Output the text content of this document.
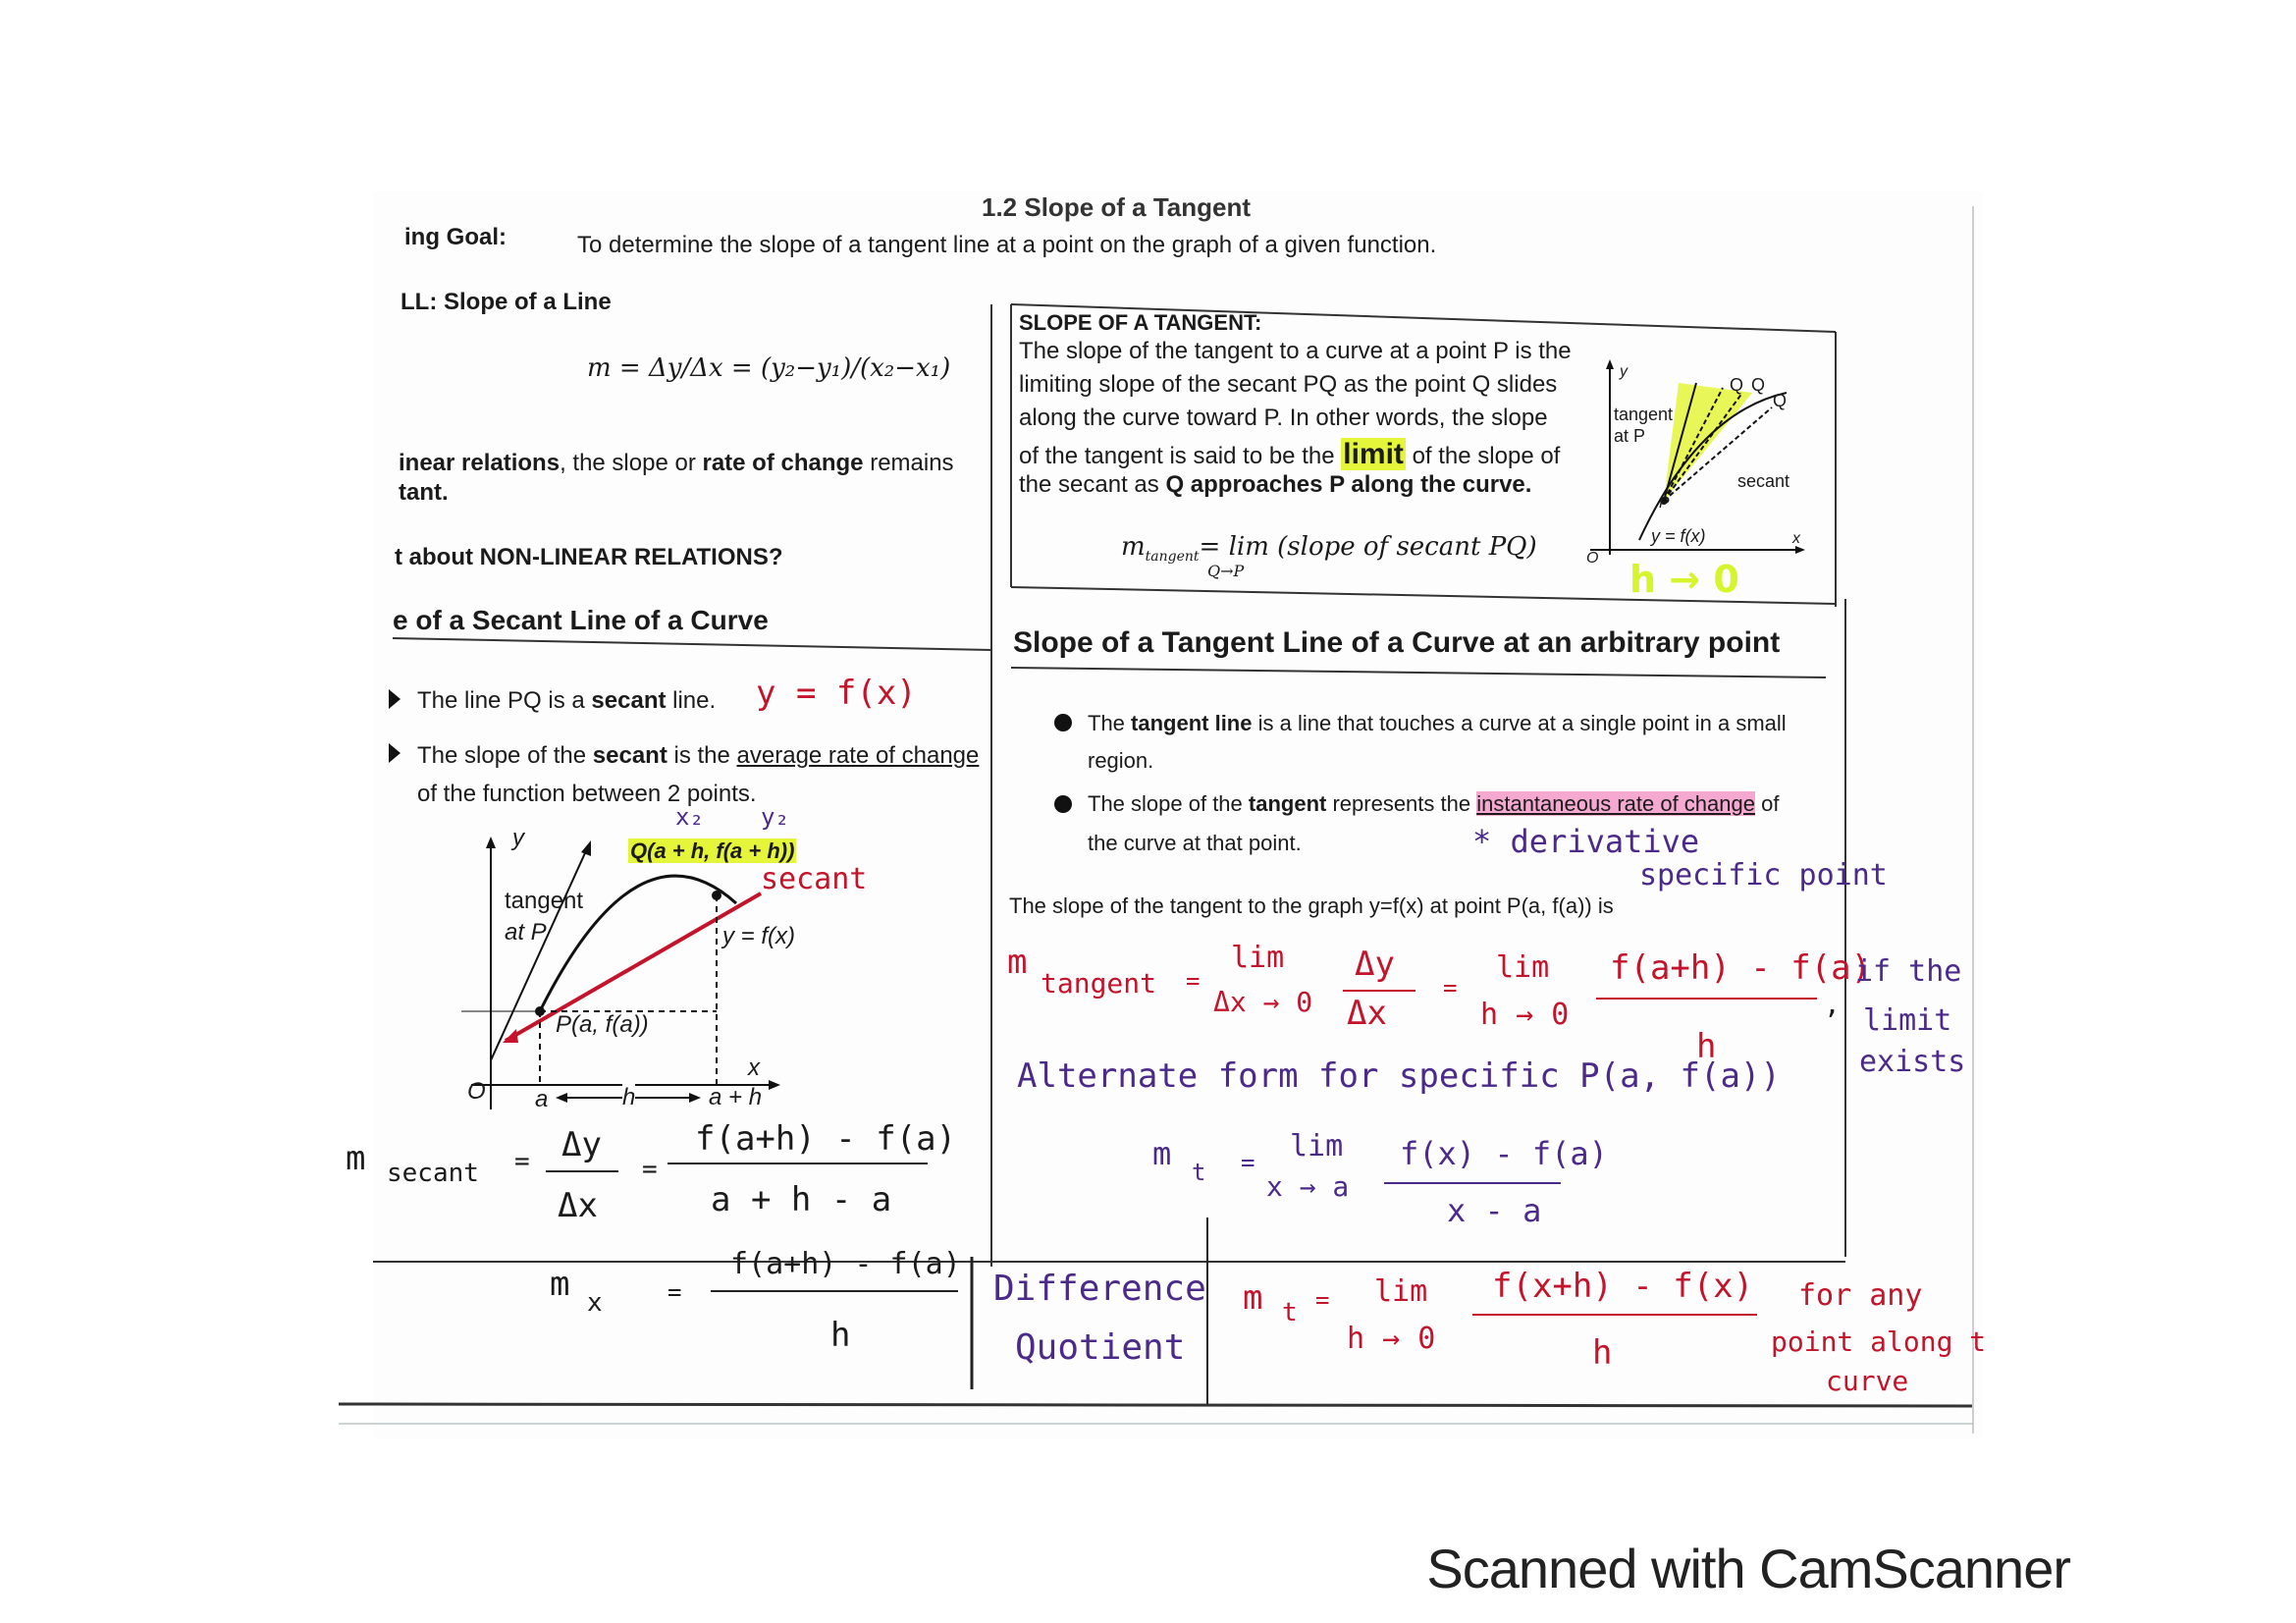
1.2 Slope of a Tangent
ing Goal:	To determine the slope of a tangent line at a point on the graph of a given function.
LL: Slope of a Line
m = Δy/Δx = (y₂−y₁)/(x₂−x₁)
inear relations, the slope or rate of change remains
tant.
t about NON-LINEAR RELATIONS?
e of a Secant Line of a Curve
The line PQ is a secant line. y = f(x)
The slope of the secant is the average rate of change
of the function between 2 points.
x₂ y₂
Q(a + h, f(a + h))
secant
tangent
at P
P(a, f(a))
y = f(x)
y
x
O a	h	a + h
m secant = Δy
Δx
=
f(a+h) - f(a)
a + h - a
SLOPE OF A TANGENT:
The slope of the tangent to a curve at a point P is the
limiting slope of the secant PQ as the point Q slides
along the curve toward P. In other words, the slope
of the tangent is said to be the limit of the slope of
the secant as Q approaches P along the curve.
$m_{tangent}= \lim$ (slope of secant PQ)
Q→P
tangent
at P
Q Q
Q
secant
P
y = f(x)
y
x
O h → 0
Slope of a Tangent Line of a Curve at an arbitrary point
The tangent line is a line that touches a curve at a single point in a small
region.
The slope of the tangent represents the instantaneous rate of change of
the curve at that point.	* derivative
specific point
The slope of the tangent to the graph y=f(x) at point P(a, f(a)) is
m
tangent =
lim
Δx → 0
Δy
Δx
=
lim
h → 0
f(a+h) - f(a)
h
,
if the
limit
exists
Alternate form for specific P(a, f(a))
m t = lim
x → a
f(x) - f(a)
x - a
m x	=
f(a+h) - f(a)
h
Difference
Quotient
m t = lim
h → 0
f(x+h) - f(x)
h
for any
point along t
curve
Scanned with CamScanner
